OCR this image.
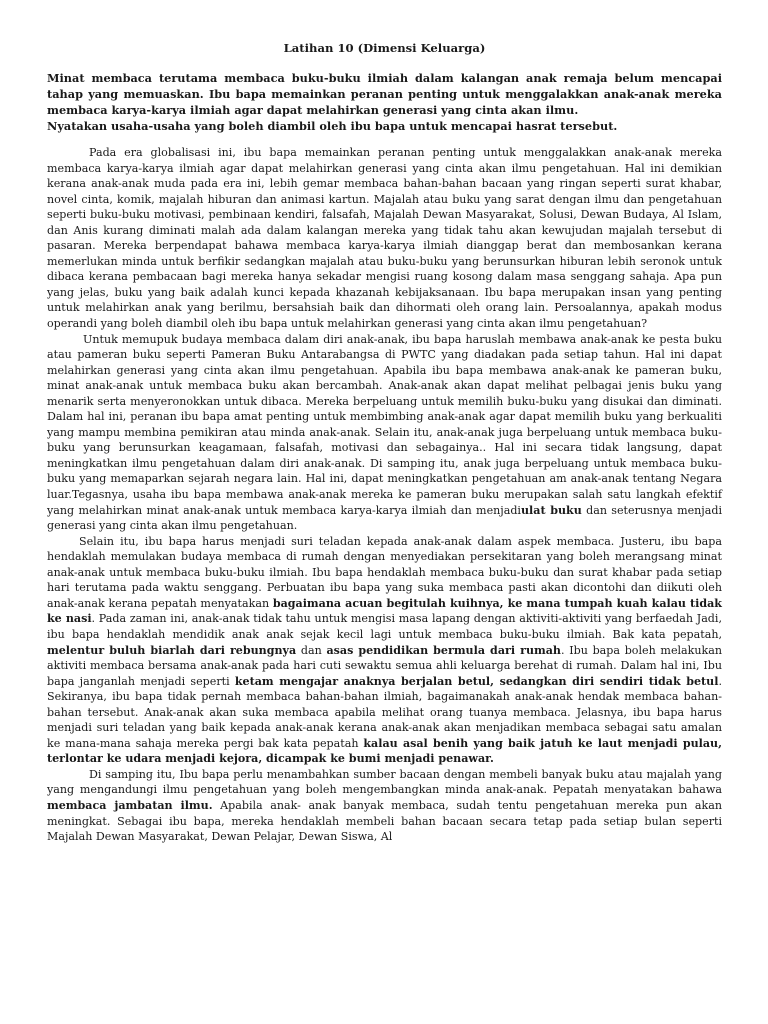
Latihan 10 (Dimensi Keluarga)

Minat membaca terutama membaca buku-buku ilmiah dalam kalangan anak remaja belum mencapai tahap yang memuaskan. Ibu bapa memainkan peranan penting untuk menggalakkan anak-anak mereka membaca karya-karya ilmiah agar dapat melahirkan generasi yang cinta akan ilmu.

Nyatakan usaha-usaha yang boleh diambil oleh ibu bapa untuk mencapai hasrat tersebut.

Pada era globalisasi ini, ibu bapa memainkan peranan penting untuk menggalakkan anak-anak mereka membaca karya-karya ilmiah agar dapat melahirkan generasi yang cinta akan ilmu pengetahuan. Hal ini demikian kerana anak-anak muda pada era ini, lebih gemar membaca bahan-bahan bacaan yang ringan seperti surat khabar, novel cinta, komik, majalah hiburan dan animasi kartun. Majalah atau buku yang sarat dengan ilmu dan pengetahuan seperti buku-buku motivasi, pembinaan kendiri, falsafah, Majalah Dewan Masyarakat, Solusi, Dewan Budaya, Al Islam, dan Anis kurang diminati malah ada dalam kalangan mereka yang tidak tahu akan kewujudan majalah tersebut di pasaran. Mereka berpendapat bahawa membaca karya-karya ilmiah dianggap berat dan membosankan kerana memerlukan minda untuk berfikir sedangkan majalah atau buku-buku yang berunsurkan hiburan lebih seronok untuk dibaca kerana pembacaan bagi mereka hanya sekadar mengisi ruang kosong dalam masa senggang sahaja. Apa pun yang jelas, buku yang baik adalah kunci kepada khazanah kebijaksanaan. Ibu bapa merupakan insan yang penting untuk melahirkan anak yang berilmu, bersahsiah baik dan dihormati oleh orang lain. Persoalannya, apakah modus operandi yang boleh diambil oleh ibu bapa untuk melahirkan generasi yang cinta akan ilmu pengetahuan?

Untuk memupuk budaya membaca dalam diri anak-anak, ibu bapa haruslah membawa anak-anak ke pesta buku atau pameran buku seperti Pameran Buku Antarabangsa di PWTC yang diadakan pada setiap tahun. Hal ini dapat melahirkan generasi yang cinta akan ilmu pengetahuan. Apabila ibu bapa membawa anak-anak ke pameran buku, minat anak-anak untuk membaca buku akan bercambah. Anak-anak akan dapat melihat pelbagai jenis buku yang menarik serta menyeronokkan untuk dibaca. Mereka berpeluang untuk memilih buku-buku yang disukai dan diminati. Dalam hal ini, peranan ibu bapa amat penting untuk membimbing anak-anak agar dapat memilih buku yang berkualiti yang mampu membina pemikiran atau minda anak-anak. Selain itu, anak-anak juga berpeluang untuk membaca buku-buku yang berunsurkan keagamaan, falsafah, motivasi dan sebagainya.. Hal ini secara tidak langsung, dapat meningkatkan ilmu pengetahuan dalam diri anak-anak. Di samping itu, anak juga berpeluang untuk membaca buku-buku yang memaparkan sejarah negara lain. Hal ini, dapat meningkatkan pengetahuan am anak-anak tentang Negara luar.Tegasnya, usaha ibu bapa membawa anak-anak mereka ke pameran buku merupakan salah satu langkah efektif yang melahirkan minat anak-anak untuk membaca karya-karya ilmiah dan menjadiulat buku dan seterusnya menjadi generasi yang cinta akan ilmu pengetahuan.

Selain itu, ibu bapa harus menjadi suri teladan kepada anak-anak dalam aspek membaca. Justeru, ibu bapa hendaklah memulakan budaya membaca di rumah dengan menyediakan persekitaran yang boleh merangsang minat anak-anak untuk membaca buku-buku ilmiah. Ibu bapa hendaklah membaca buku-buku dan surat khabar pada setiap hari terutama pada waktu senggang. Perbuatan ibu bapa yang suka membaca pasti akan dicontohi dan diikuti oleh anak-anak kerana pepatah menyatakan bagaimana acuan begitulah kuihnya, ke mana tumpah kuah kalau tidak ke nasi. Pada zaman ini, anak-anak tidak tahu untuk mengisi masa lapang dengan aktiviti-aktiviti yang berfaedah Jadi, ibu bapa hendaklah mendidik anak anak sejak kecil lagi untuk membaca buku-buku ilmiah. Bak kata pepatah, melentur buluh biarlah dari rebungnya dan asas pendidikan bermula dari rumah. Ibu bapa boleh melakukan aktiviti membaca bersama anak-anak pada hari cuti sewaktu semua ahli keluarga berehat di rumah. Dalam hal ini, Ibu bapa janganlah menjadi seperti ketam mengajar anaknya berjalan betul, sedangkan diri sendiri tidak betul. Sekiranya, ibu bapa tidak pernah membaca bahan-bahan ilmiah, bagaimanakah anak-anak hendak membaca bahan-bahan tersebut. Anak-anak akan suka membaca apabila melihat orang tuanya membaca. Jelasnya, ibu bapa harus menjadi suri teladan yang baik kepada anak-anak kerana anak-anak akan menjadikan membaca sebagai satu amalan ke mana-mana sahaja mereka pergi bak kata pepatah kalau asal benih yang baik jatuh ke laut menjadi pulau, terlontar ke udara menjadi kejora, dicampak ke bumi menjadi penawar.

Di samping itu, Ibu bapa perlu menambahkan sumber bacaan dengan membeli banyak buku atau majalah yang yang mengandungi ilmu pengetahuan yang boleh mengembangkan minda anak-anak. Pepatah menyatakan bahawa membaca jambatan ilmu. Apabila anak- anak banyak membaca, sudah tentu pengetahuan mereka pun akan meningkat. Sebagai ibu bapa, mereka hendaklah membeli bahan bacaan secara tetap pada setiap bulan seperti Majalah Dewan Masyarakat, Dewan Pelajar, Dewan Siswa, Al
